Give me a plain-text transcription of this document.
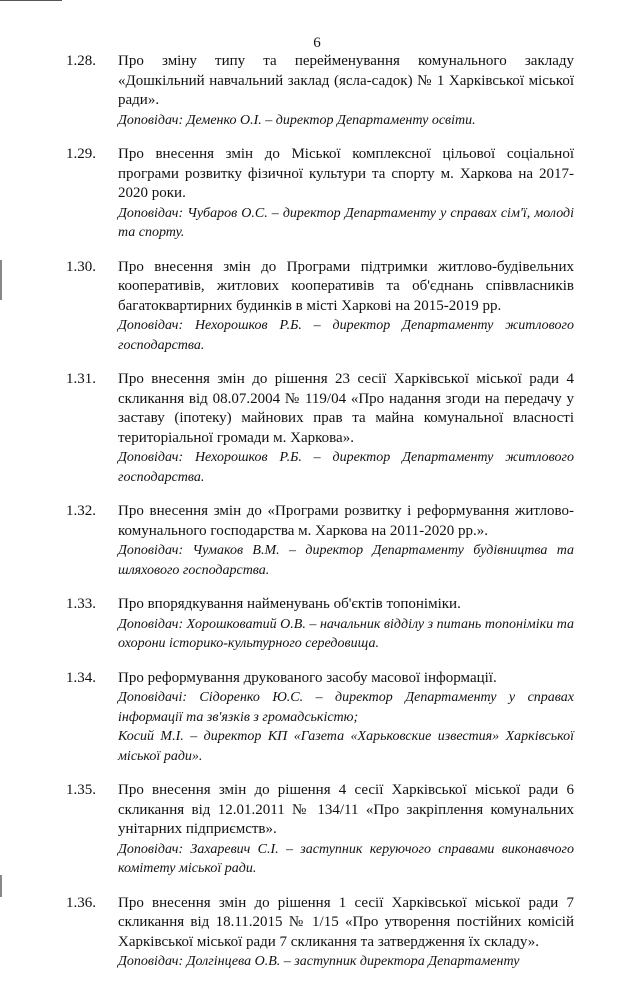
6
1.28.	Про зміну типу та перейменування комунального закладу «Дошкільний навчальний заклад (ясла-садок) № 1 Харківської міської ради».

Доповідач: Деменко О.І. – директор Департаменту освіти.

1.29.	Про внесення змін до Міської комплексної цільової соціальної програми розвитку фізичної культури та спорту м. Харкова на 2017-2020 роки.

Доповідач: Чубаров О.С. – директор Департаменту у справах сім'ї, молоді та спорту.

1.30.	Про внесення змін до Програми підтримки житлово-будівельних кооперативів, житлових кооперативів та об'єднань співвласників багатоквартирних будинків в місті Харкові на 2015-2019 рр.

Доповідач: Нехорошков Р.Б. – директор Департаменту житлового господарства.

1.31.	Про внесення змін до рішення 23 сесії Харківської міської ради 4 скликання від 08.07.2004 № 119/04 «Про надання згоди на передачу у заставу (іпотеку) майнових прав та майна комунальної власності територіальної громади м. Харкова».

Доповідач: Нехорошков Р.Б. – директор Департаменту житлового господарства.

1.32.	Про внесення змін до «Програми розвитку і реформування житлово-комунального господарства м. Харкова на 2011-2020 рр.».

Доповідач: Чумаков В.М. – директор Департаменту будівництва та шляхового господарства.

1.33.	Про впорядкування найменувань об'єктів топоніміки.

Доповідач: Хорошковатий О.В. – начальник відділу з питань топоніміки та охорони історико-культурного середовища.

1.34.	Про реформування друкованого засобу масової інформації.

Доповідачі: Сідоренко Ю.С. – директор Департаменту у справах інформації та зв'язків з громадськістю;

Косий М.І. – директор КП «Газета «Харьковские известия» Харківської міської ради».

1.35.	Про внесення змін до рішення 4 сесії Харківської міської ради 6 скликання від 12.01.2011 № 134/11 «Про закріплення комунальних унітарних підприємств».

Доповідач: Захаревич С.І. – заступник керуючого справами виконавчого комітету міської ради.

1.36.	Про внесення змін до рішення 1 сесії Харківської міської ради 7 скликання від 18.11.2015 № 1/15 «Про утворення постійних комісій Харківської міської ради 7 скликання та затвердження їх складу».

Доповідач: Долгінцева О.В. – заступник директора Департаменту
